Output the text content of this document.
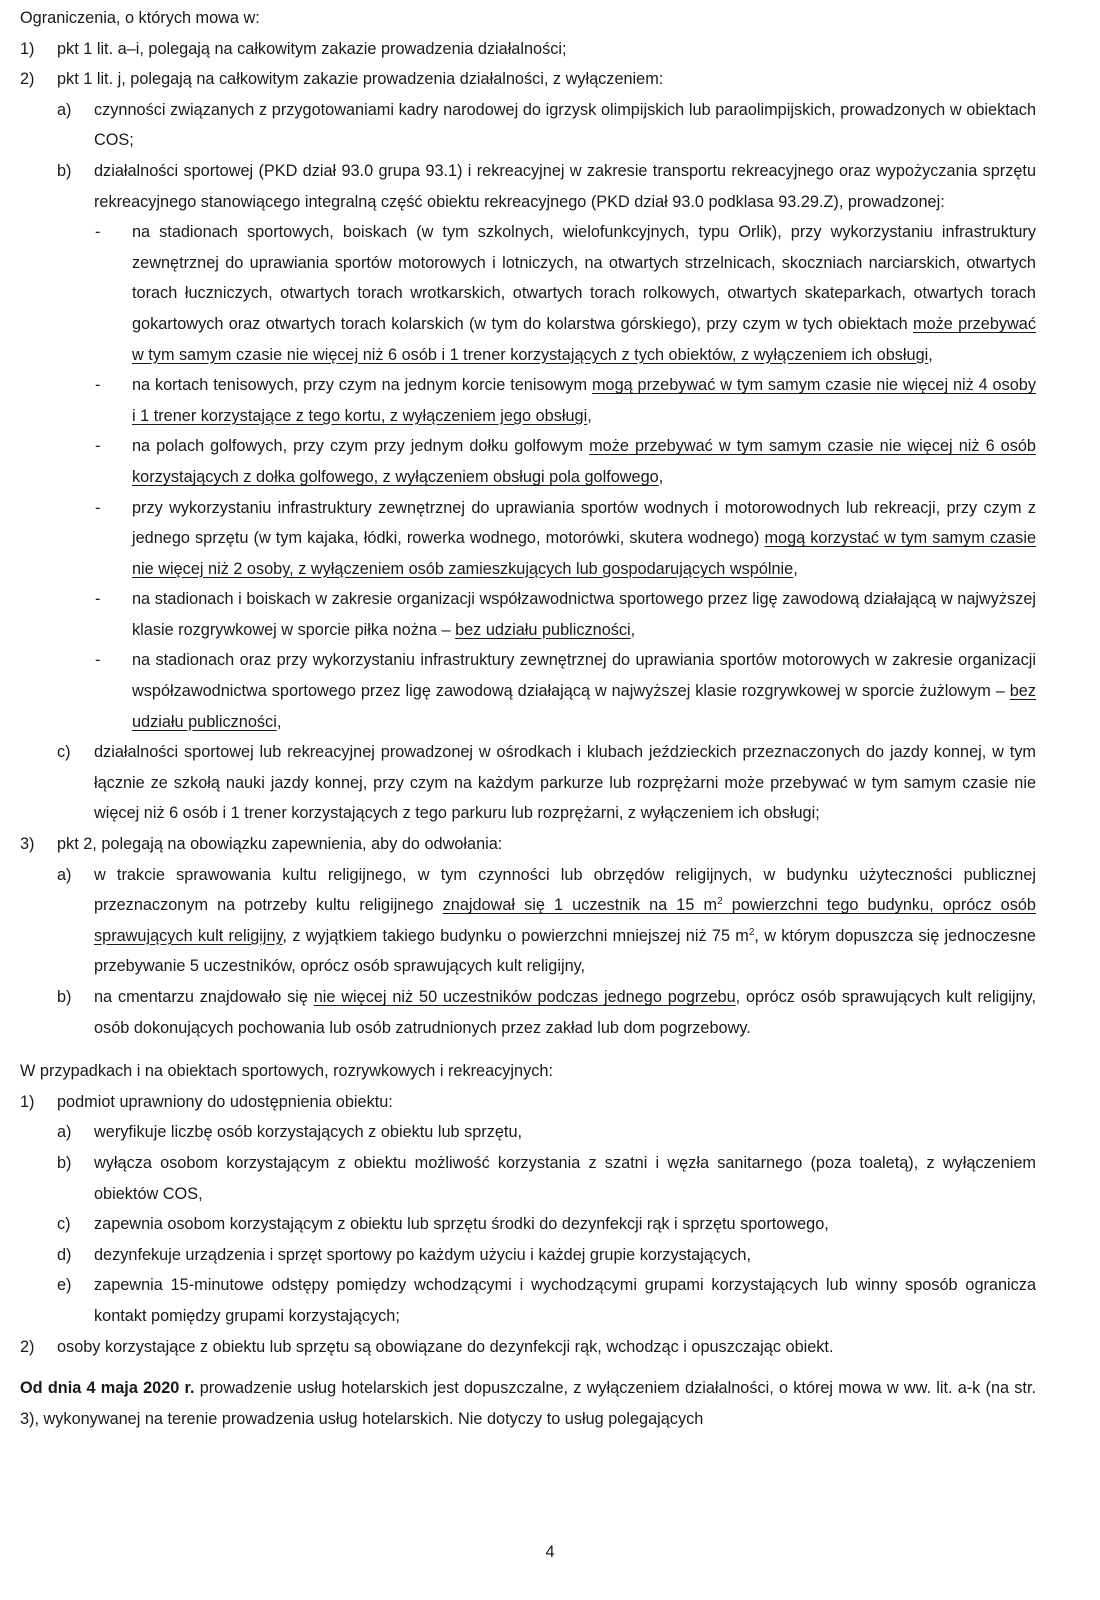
Ograniczenia, o których mowa w:

1)	pkt 1 lit. a–i, polegają na całkowitym zakazie prowadzenia działalności;
2)	pkt 1 lit. j, polegają na całkowitym zakazie prowadzenia działalności, z wyłączeniem:
a)	czynności związanych z przygotowaniami kadry narodowej do igrzysk olimpijskich lub paraolimpijskich, prowadzonych w obiektach COS;
b)	działalności sportowej (PKD dział 93.0 grupa 93.1) i rekreacyjnej w zakresie transportu rekreacyjnego oraz wypożyczania sprzętu rekreacyjnego stanowiącego integralną część obiektu rekreacyjnego (PKD dział 93.0 podklasa 93.29.Z), prowadzonej:
-	na stadionach sportowych, boiskach (w tym szkolnych, wielofunkcyjnych, typu Orlik), przy wykorzystaniu infrastruktury zewnętrznej do uprawiania sportów motorowych i lotniczych, na otwartych strzelnicach, skoczniach narciarskich, otwartych torach łuczniczych, otwartych torach wrotkarskich, otwartych torach rolkowych, otwartych skateparkach, otwartych torach gokartowych oraz otwartych torach kolarskich (w tym do kolarstwa górskiego), przy czym w tych obiektach może przebywać w tym samym czasie nie więcej niż 6 osób i 1 trener korzystających z tych obiektów, z wyłączeniem ich obsługi,
-	na kortach tenisowych, przy czym na jednym korcie tenisowym mogą przebywać w tym samym czasie nie więcej niż 4 osoby i 1 trener korzystające z tego kortu, z wyłączeniem jego obsługi,
-	na polach golfowych, przy czym przy jednym dołku golfowym może przebywać w tym samym czasie nie więcej niż 6 osób korzystających z dołka golfowego, z wyłączeniem obsługi pola golfowego,
-	przy wykorzystaniu infrastruktury zewnętrznej do uprawiania sportów wodnych i motorowodnych lub rekreacji, przy czym z jednego sprzętu (w tym kajaka, łódki, rowerka wodnego, motorówki, skutera wodnego) mogą korzystać w tym samym czasie nie więcej niż 2 osoby, z wyłączeniem osób zamieszkujących lub gospodarujących wspólnie,
-	na stadionach i boiskach w zakresie organizacji współzawodnictwa sportowego przez ligę zawodową działającą w najwyższej klasie rozgrywkowej w sporcie piłka nożna – bez udziału publiczności,
-	na stadionach oraz przy wykorzystaniu infrastruktury zewnętrznej do uprawiania sportów motorowych w zakresie organizacji współzawodnictwa sportowego przez ligę zawodową działającą w najwyższej klasie rozgrywkowej w sporcie żużlowym – bez udziału publiczności,
c)	działalności sportowej lub rekreacyjnej prowadzonej w ośrodkach i klubach jeździeckich przeznaczonych do jazdy konnej, w tym łącznie ze szkołą nauki jazdy konnej, przy czym na każdym parkurze lub rozprężarni może przebywać w tym samym czasie nie więcej niż 6 osób i 1 trener korzystających z tego parkuru lub rozprężarni, z wyłączeniem ich obsługi;
3)	pkt 2, polegają na obowiązku zapewnienia, aby do odwołania:
a)	w trakcie sprawowania kultu religijnego, w tym czynności lub obrzędów religijnych, w budynku użyteczności publicznej przeznaczonym na potrzeby kultu religijnego znajdował się 1 uczestnik na 15 $m^2$ powierzchni tego budynku, oprócz osób sprawujących kult religijny, z wyjątkiem takiego budynku o powierzchni mniejszej niż 75 $m^2$, w którym dopuszcza się jednoczesne przebywanie 5 uczestników, oprócz osób sprawujących kult religijny,
b)	na cmentarzu znajdowało się nie więcej niż 50 uczestników podczas jednego pogrzebu, oprócz osób sprawujących kult religijny, osób dokonujących pochowania lub osób zatrudnionych przez zakład lub dom pogrzebowy.

W przypadkach i na obiektach sportowych, rozrywkowych i rekreacyjnych:

1)	podmiot uprawniony do udostępnienia obiektu:
a)	weryfikuje liczbę osób korzystających z obiektu lub sprzętu,
b)	wyłącza osobom korzystającym z obiektu możliwość korzystania z szatni i węzła sanitarnego (poza toaletą), z wyłączeniem obiektów COS,
c)	zapewnia osobom korzystającym z obiektu lub sprzętu środki do dezynfekcji rąk i sprzętu sportowego,
d)	dezynfekuje urządzenia i sprzęt sportowy po każdym użyciu i każdej grupie korzystających,
e)	zapewnia 15-minutowe odstępy pomiędzy wchodzącymi i wychodzącymi grupami korzystających lub winny sposób ogranicza kontakt pomiędzy grupami korzystających;
2)	osoby korzystające z obiektu lub sprzętu są obowiązane do dezynfekcji rąk, wchodząc i opuszczając obiekt.

Od dnia 4 maja 2020 r. prowadzenie usług hotelarskich jest dopuszczalne, z wyłączeniem działalności, o której mowa w ww. lit. a-k (na str. 3), wykonywanej na terenie prowadzenia usług hotelarskich. Nie dotyczy to usług polegających

4
